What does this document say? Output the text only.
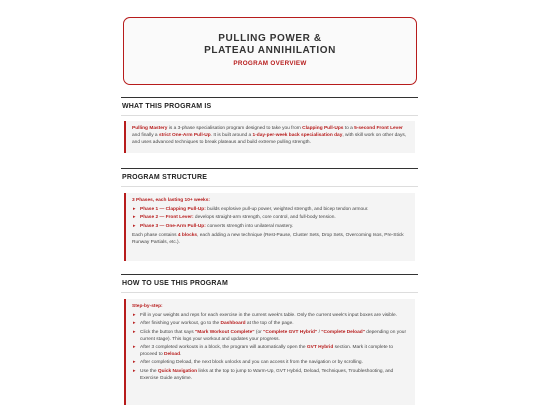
PULLING POWER &
PLATEAU ANNIHILATION
PROGRAM OVERVIEW
WHAT THIS PROGRAM IS

Pulling Mastery is a 3-phase specialisation program designed to take you from Clapping Pull-Ups to a 5-second Front Lever and finally a strict One-Arm Pull-Up. It is built around a 1-day-per-week back specialisation day, with skill work on other days, and uses advanced techniques to break plateaus and build extreme pulling strength.

PROGRAM STRUCTURE

3 Phases, each lasting 10+ weeks:

▸ Phase 1 — Clapping Pull-Up: builds explosive pull-up power, weighted strength, and bicep tendon armour.
▸ Phase 2 — Front Lever: develops straight-arm strength, core control, and full-body tension.
▸ Phase 3 — One-Arm Pull-Up: converts strength into unilateral mastery.

Each phase contains 4 blocks, each adding a new technique (Rest-Pause, Cluster Sets, Drop Sets, Overcoming Isos, Pre-Stick Runway Partials, etc.).

HOW TO USE THIS PROGRAM

Step-by-step:

▸ Fill in your weights and reps for each exercise in the current week's table. Only the current week's input boxes are visible.
▸ After finishing your workout, go to the Dashboard at the top of the page.
▸ Click the button that says "Mark Workout Complete" (or "Complete GVT Hybrid" / "Complete Deload" depending on your current stage). This logs your workout and updates your progress.
▸ After 3 completed workouts in a block, the program will automatically open the GVT Hybrid section. Mark it complete to proceed to Deload.
▸ After completing Deload, the next block unlocks and you can access it from the navigation or by scrolling.
▸ Use the Quick Navigation links at the top to jump to Warm-Up, GVT Hybrid, Deload, Techniques, Troubleshooting, and Exercise Guide anytime.
